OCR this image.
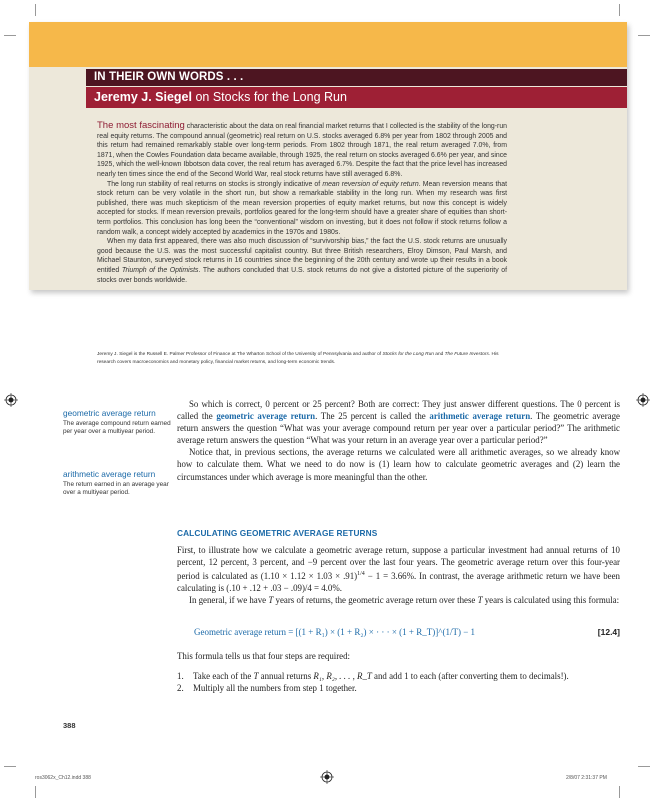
IN THEIR OWN WORDS . . .
Jeremy J. Siegel on Stocks for the Long Run

The most fascinating characteristic about the data on real financial market returns that I collected is the stability of the long-run real equity returns. The compound annual (geometric) real return on U.S. stocks averaged 6.8% per year from 1802 through 2005 and this return had remained remarkably stable over long-term periods. From 1802 through 1871, the real return averaged 7.0%, from 1871, when the Cowles Foundation data became available, through 1925, the real return on stocks averaged 6.6% per year, and since 1925, which the well-known Ibbotson data cover, the real return has averaged 6.7%. Despite the fact that the price level has increased nearly ten times since the end of the Second World War, real stock returns have still averaged 6.8%.

The long run stability of real returns on stocks is strongly indicative of mean reversion of equity return. Mean reversion means that stock return can be very volatile in the short run, but show a remarkable stability in the long run. When my research was first published, there was much skepticism of the mean reversion properties of equity market returns, but now this concept is widely accepted for stocks. If mean reversion prevails, portfolios geared for the long-term should have a greater share of equities than short-term portfolios. This conclusion has long been the “conventional” wisdom on investing, but it does not follow if stock returns follow a random walk, a concept widely accepted by academics in the 1970s and 1980s.

When my data first appeared, there was also much discussion of “survivorship bias,” the fact the U.S. stock returns are unusually good because the U.S. was the most successful capitalist country. But three British researchers, Elroy Dimson, Paul Marsh, and Michael Staunton, surveyed stock returns in 16 countries since the beginning of the 20th century and wrote up their results in a book entitled Triumph of the Optimists. The authors concluded that U.S. stock returns do not give a distorted picture of the superiority of stocks over bonds worldwide.

Jeremy J. Siegel is the Russell E. Palmer Professor of Finance at The Wharton School of the University of Pennsylvania and author of Stocks for the Long Run and The Future Investors. His research covers macroeconomics and monetary policy, financial market returns, and long-term economic trends.
geometric average return
The average compound return earned per year over a multiyear period.
arithmetic average return
The return earned in an average year over a multiyear period.

So which is correct, 0 percent or 25 percent? Both are correct: They just answer different questions. The 0 percent is called the geometric average return. The 25 percent is called the arithmetic average return. The geometric average return answers the question “What was your average compound return per year over a particular period?” The arithmetic average return answers the question “What was your return in an average year over a particular period?”

Notice that, in previous sections, the average returns we calculated were all arithmetic averages, so we already know how to calculate them. What we need to do now is (1) learn how to calculate geometric averages and (2) learn the circumstances under which average is more meaningful than the other.

CALCULATING GEOMETRIC AVERAGE RETURNS

First, to illustrate how we calculate a geometric average return, suppose a particular investment had annual returns of 10 percent, 12 percent, 3 percent, and −9 percent over the last four years. The geometric average return over this four-year period is calculated as $(1.10 \times 1.12 \times 1.03 \times .91)^{1/4} - 1 = 3.66\%$. In contrast, the average arithmetic return we have been calculating is (.10 + .12 + .03 − .09)/4 = 4.0%.

In general, if we have T years of returns, the geometric average return over these T years is calculated using this formula:

Geometric average return = [(1 + R₁) × (1 + R₂) × · · · × (1 + R_T)]^(1/T) − 1	[12.4]
This formula tells us that four steps are required:
1. Take each of the T annual returns R₁, R₂, . . . , R_T and add 1 to each (after converting them to decimals!).
2. Multiply all the numbers from step 1 together.
388
ros3062x_Ch12.indd 388	2/8/07 2:31:37 PM
